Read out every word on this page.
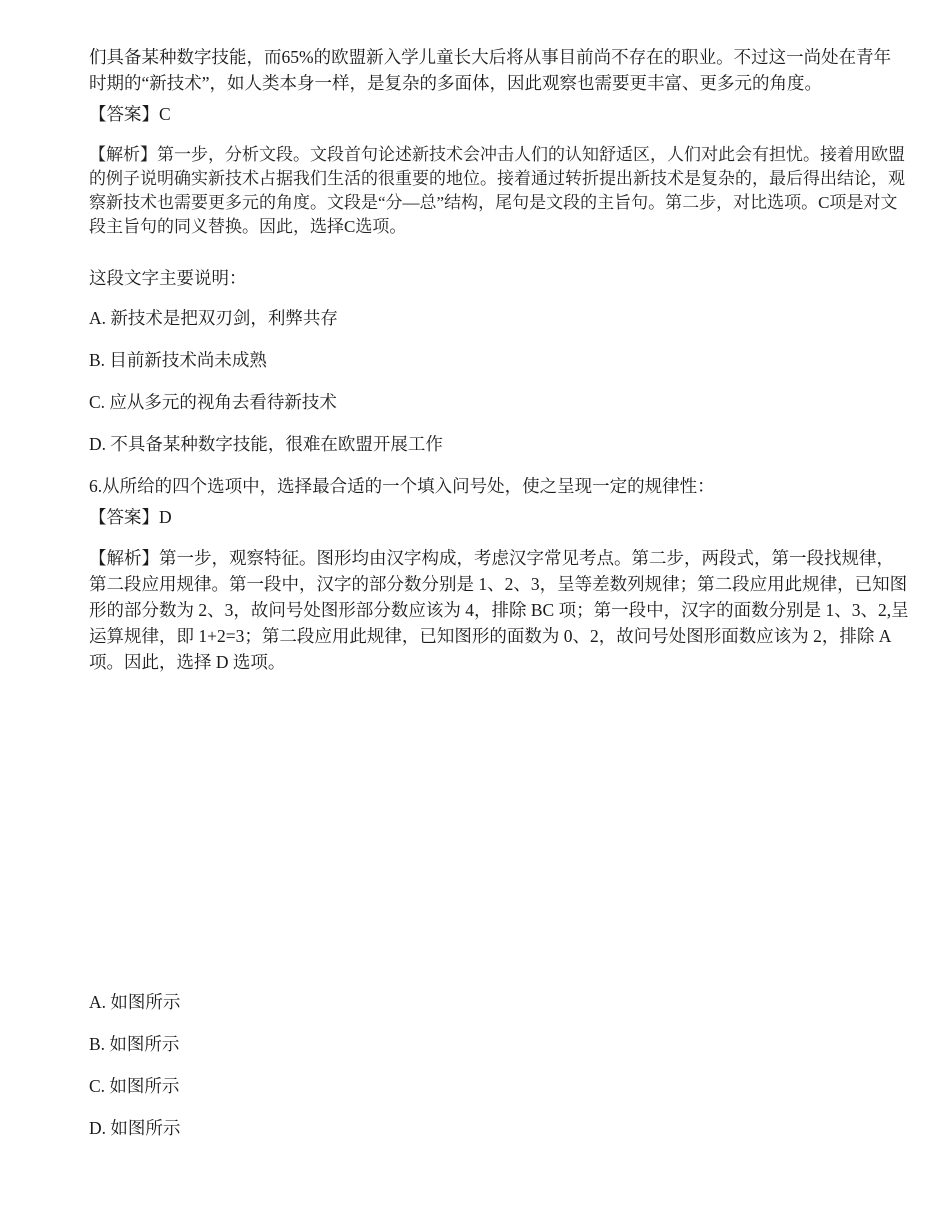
们具备某种数字技能，而65%的欧盟新入学儿童长大后将从事目前尚不存在的职业。不过这一尚处在青年时期的“新技术”，如人类本身一样，是复杂的多面体，因此观察也需要更丰富、更多元的角度。

【答案】C

【解析】第一步，分析文段。文段首句论述新技术会冲击人们的认知舒适区，人们对此会有担忧。接着用欧盟的例子说明确实新技术占据我们生活的很重要的地位。接着通过转折提出新技术是复杂的，最后得出结论，观察新技术也需要更多元的角度。文段是“分—总”结构，尾句是文段的主旨句。第二步，对比选项。C项是对文段主旨句的同义替换。因此，选择C选项。

这段文字主要说明：

A. 新技术是把双刃剑，利弊共存

B. 目前新技术尚未成熟

C. 应从多元的视角去看待新技术

D. 不具备某种数字技能，很难在欧盟开展工作

6.从所给的四个选项中，选择最合适的一个填入问号处，使之呈现一定的规律性：

【答案】D

【解析】第一步，观察特征。图形均由汉字构成，考虑汉字常见考点。第二步，两段式，第一段找规律，第二段应用规律。第一段中，汉字的部分数分别是 1、2、3，呈等差数列规律；第二段应用此规律，已知图形的部分数为 2、3，故问号处图形部分数应该为 4，排除 BC 项；第一段中，汉字的面数分别是 1、3、2,呈运算规律，即 1+2=3；第二段应用此规律，已知图形的面数为 0、2，故问号处图形面数应该为 2，排除 A 项。因此，选择 D 选项。

A. 如图所示

B. 如图所示

C. 如图所示

D. 如图所示
